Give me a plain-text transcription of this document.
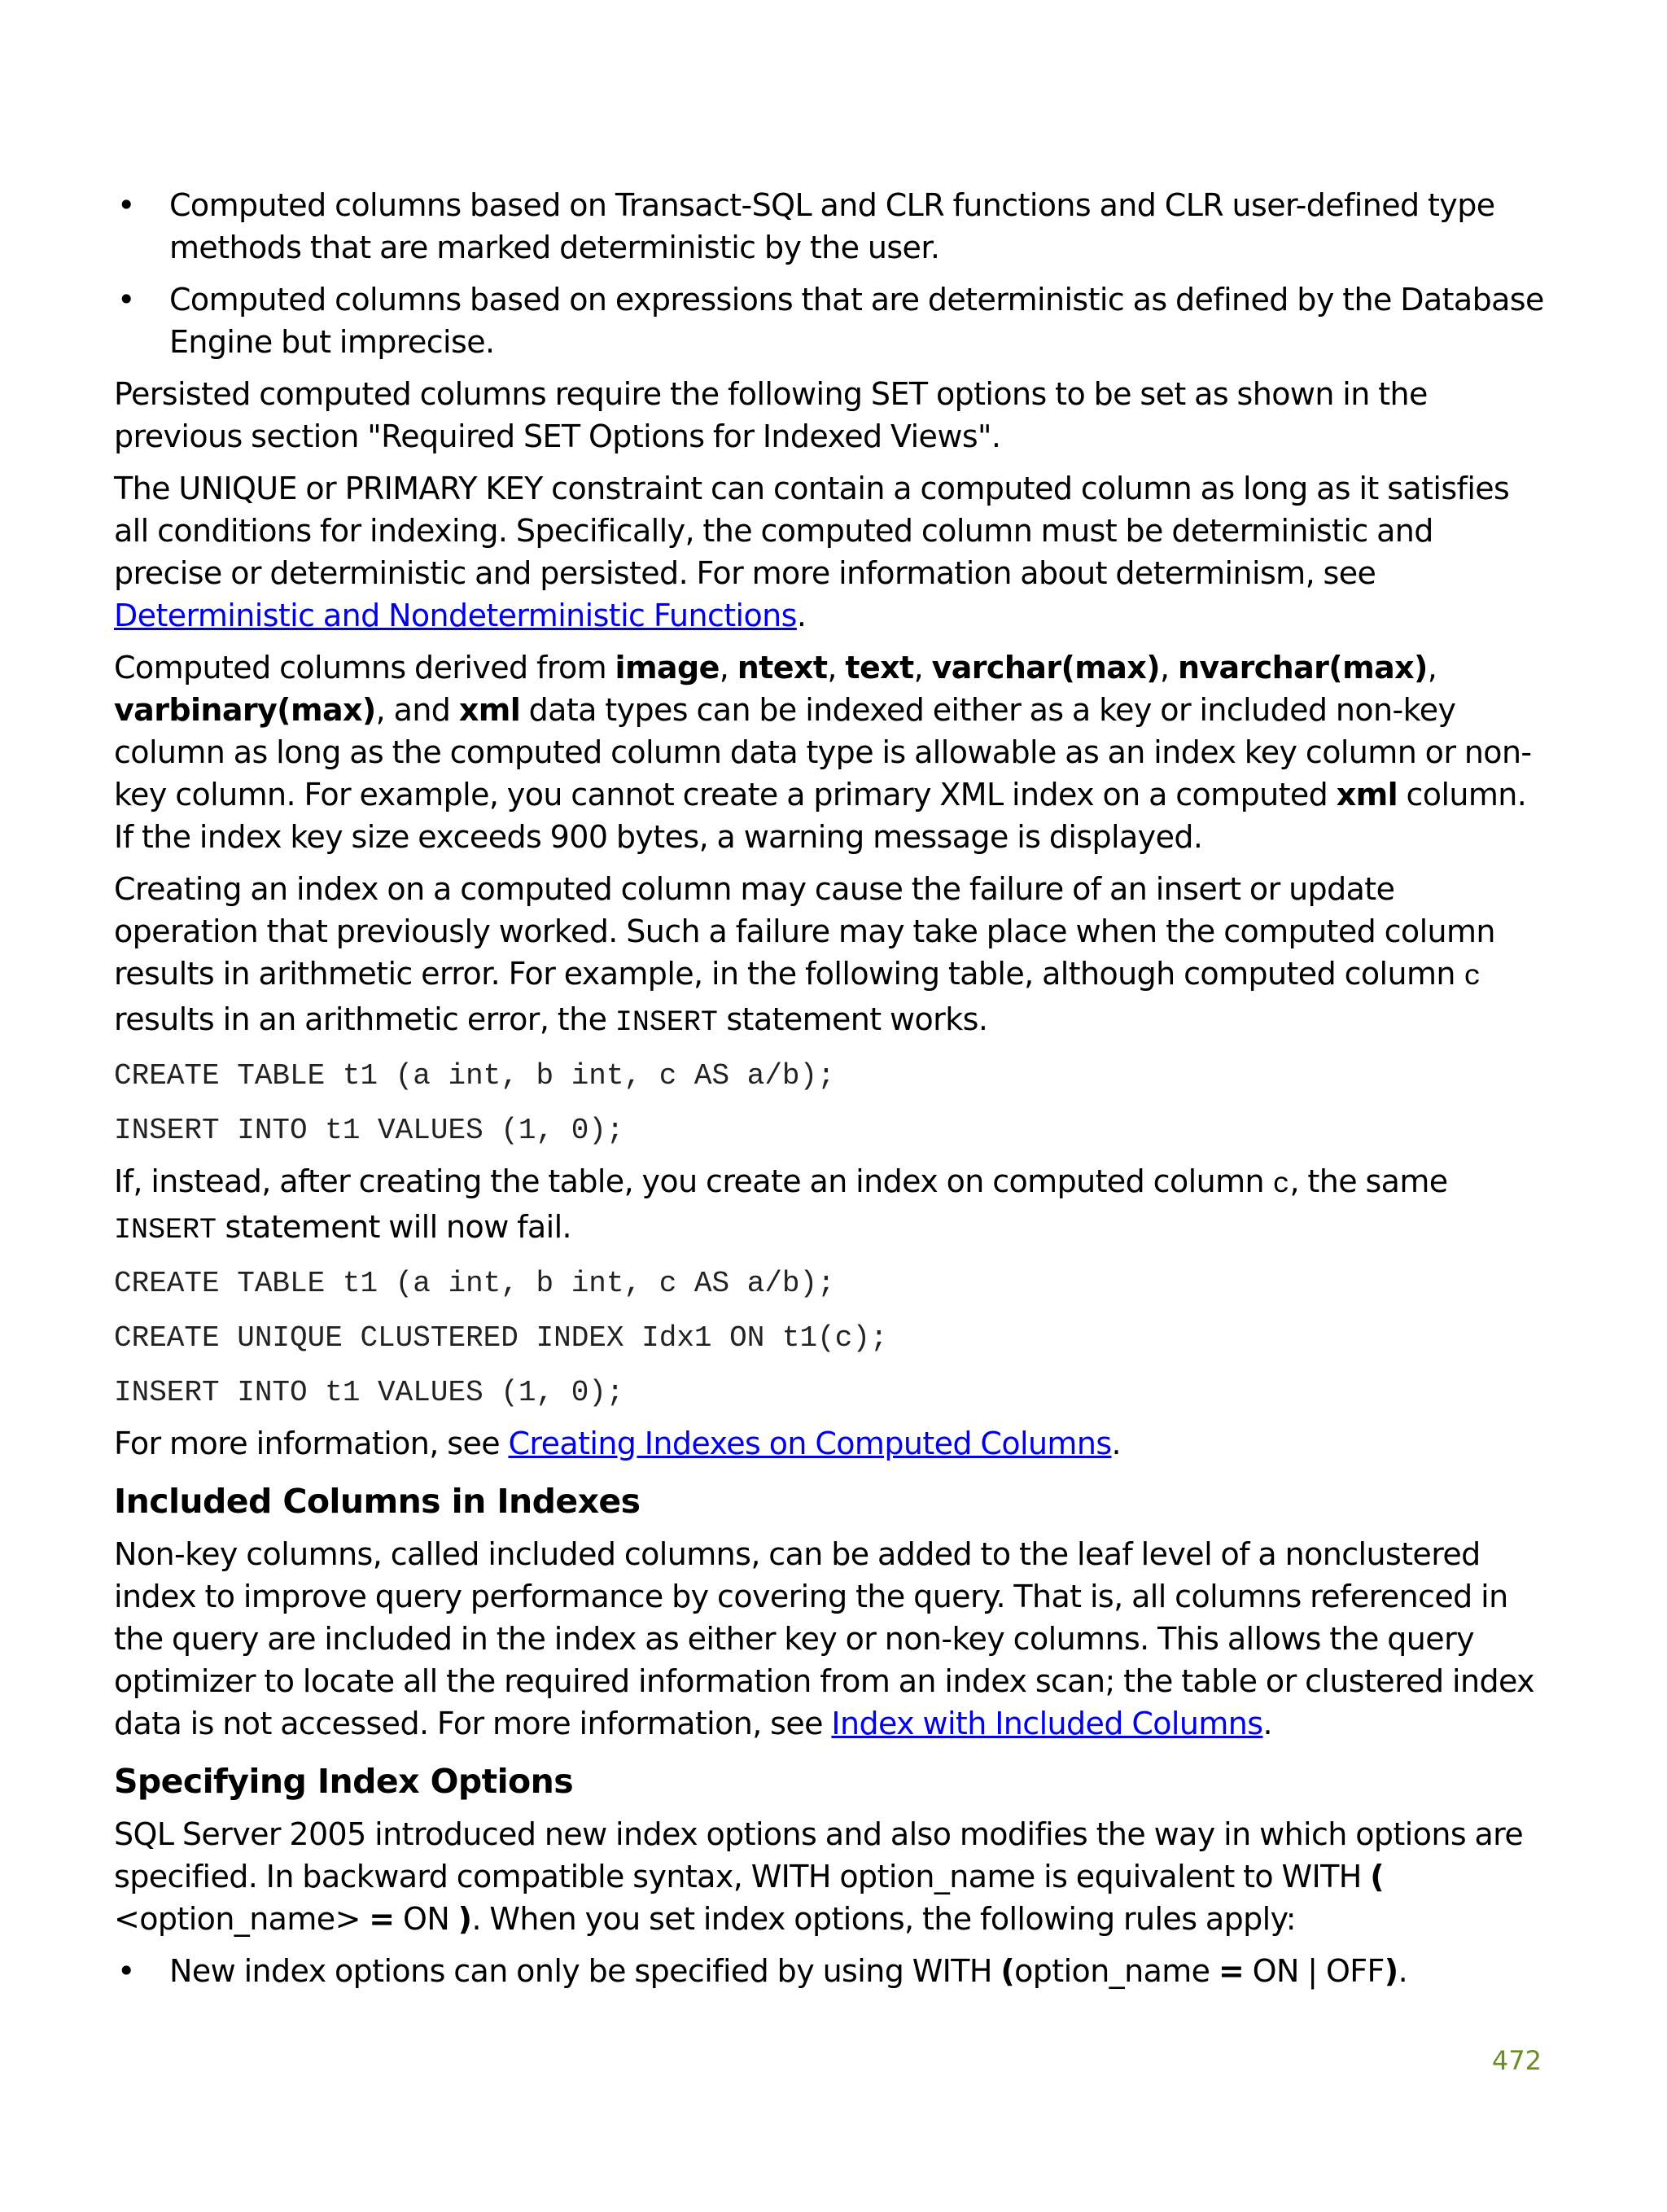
• Computed columns based on Transact-SQL and CLR functions and CLR user-defined type methods that are marked deterministic by the user.
• Computed columns based on expressions that are deterministic as defined by the Database Engine but imprecise.

Persisted computed columns require the following SET options to be set as shown in the previous section "Required SET Options for Indexed Views".

The UNIQUE or PRIMARY KEY constraint can contain a computed column as long as it satisfies all conditions for indexing. Specifically, the computed column must be deterministic and precise or deterministic and persisted. For more information about determinism, see Deterministic and Nondeterministic Functions.

Computed columns derived from image, ntext, text, varchar(max), nvarchar(max), varbinary(max), and xml data types can be indexed either as a key or included non-key column as long as the computed column data type is allowable as an index key column or non-key column. For example, you cannot create a primary XML index on a computed xml column. If the index key size exceeds 900 bytes, a warning message is displayed.

Creating an index on a computed column may cause the failure of an insert or update operation that previously worked. Such a failure may take place when the computed column results in arithmetic error. For example, in the following table, although computed column c results in an arithmetic error, the INSERT statement works.

CREATE TABLE t1 (a int, b int, c AS a/b);
INSERT INTO t1 VALUES (1, 0);

If, instead, after creating the table, you create an index on computed column c, the same INSERT statement will now fail.

CREATE TABLE t1 (a int, b int, c AS a/b);
CREATE UNIQUE CLUSTERED INDEX Idx1 ON t1(c);
INSERT INTO t1 VALUES (1, 0);

For more information, see Creating Indexes on Computed Columns.

Included Columns in Indexes

Non-key columns, called included columns, can be added to the leaf level of a nonclustered index to improve query performance by covering the query. That is, all columns referenced in the query are included in the index as either key or non-key columns. This allows the query optimizer to locate all the required information from an index scan; the table or clustered index data is not accessed. For more information, see Index with Included Columns.

Specifying Index Options

SQL Server 2005 introduced new index options and also modifies the way in which options are specified. In backward compatible syntax, WITH option_name is equivalent to WITH ( <option_name> = ON ). When you set index options, the following rules apply:

• New index options can only be specified by using WITH (option_name = ON | OFF).
472
